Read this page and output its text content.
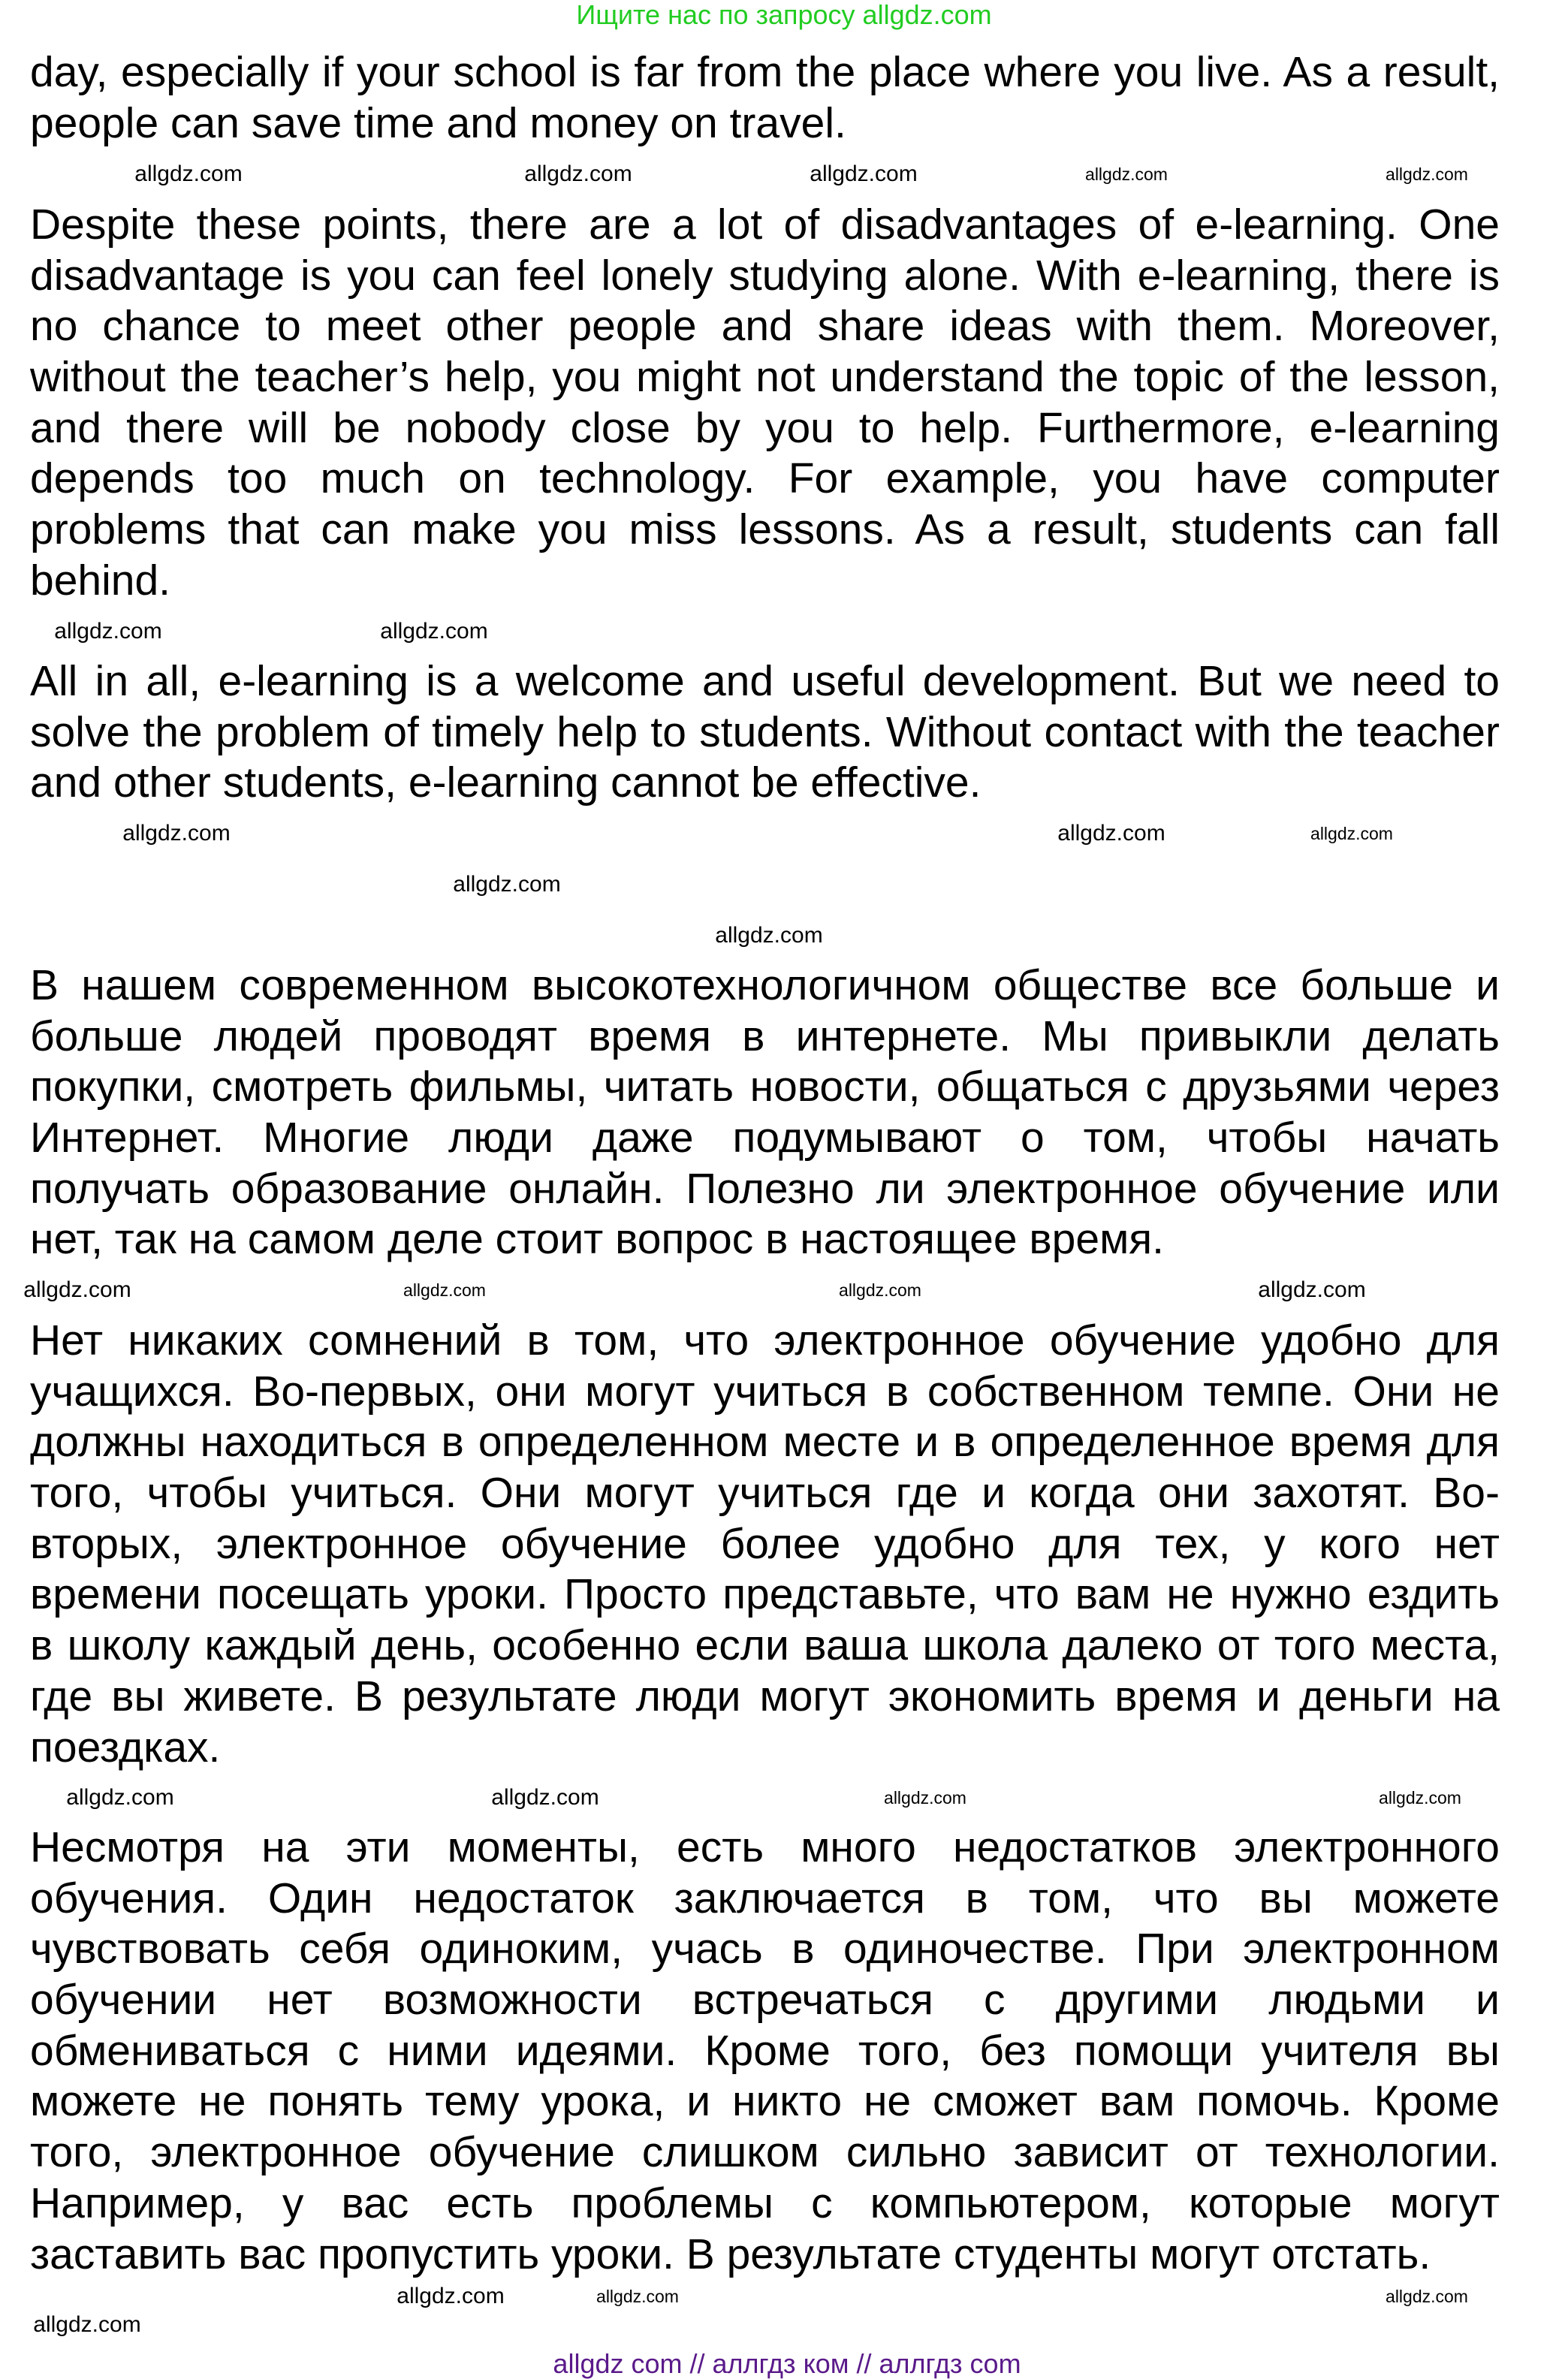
Ищите нас по запросу allgdz.com
day, especially if your school is far from the place where you live. As a result,
people can save time and money on travel.
Despite these points, there are a lot of disadvantages of e-learning. One
disadvantage is you can feel lonely studying alone. With e-learning, there is
no chance to meet other people and share ideas with them. Moreover,
without the teacher’s help, you might not understand the topic of the lesson,
and there will be nobody close by you to help. Furthermore, e-learning
depends too much on technology. For example, you have computer
problems that can make you miss lessons. As a result, students can fall
behind.
All in all, e-learning is a welcome and useful development. But we need to
solve the problem of timely help to students. Without contact with the teacher
and other students, e-learning cannot be effective.
В нашем современном высокотехнологичном обществе все больше и
больше людей проводят время в интернете. Мы привыкли делать
покупки, смотреть фильмы, читать новости, общаться с друзьями через
Интернет. Многие люди даже подумывают о том, чтобы начать
получать образование онлайн. Полезно ли электронное обучение или
нет, так на самом деле стоит вопрос в настоящее время.
Нет никаких сомнений в том, что электронное обучение удобно для
учащихся. Во-первых, они могут учиться в собственном темпе. Они не
должны находиться в определенном месте и в определенное время для
того, чтобы учиться. Они могут учиться где и когда они захотят. Во-
вторых, электронное обучение более удобно для тех, у кого нет
времени посещать уроки. Просто представьте, что вам не нужно ездить
в школу каждый день, особенно если ваша школа далеко от того места,
где вы живете. В результате люди могут экономить время и деньги на
поездках.
Несмотря на эти моменты, есть много недостатков электронного
обучения. Один недостаток заключается в том, что вы можете
чувствовать себя одиноким, учась в одиночестве. При электронном
обучении нет возможности встречаться с другими людьми и
обмениваться с ними идеями. Кроме того, без помощи учителя вы
можете не понять тему урока, и никто не сможет вам помочь. Кроме
того, электронное обучение слишком сильно зависит от технологии.
Например, у вас есть проблемы с компьютером, которые могут
заставить вас пропустить уроки. В результате студенты могут отстать.
allgdz.com	allgdz.com	allgdz.com	allgdz.com	allgdz.com
allgdz.com
allgdz.com
allgdz.com	allgdz.com
allgdz.com
allgdz.com
allgdz.com
allgdz.com
allgdz.com	allgdz.com
allgdz.com
allgdz.com
allgdz.com
allgdz.com
allgdz.com
allgdz.com	allgdz.com
allgdz.com
allgdz.com
allgdz com // аллгдз ком // аллгдз com
